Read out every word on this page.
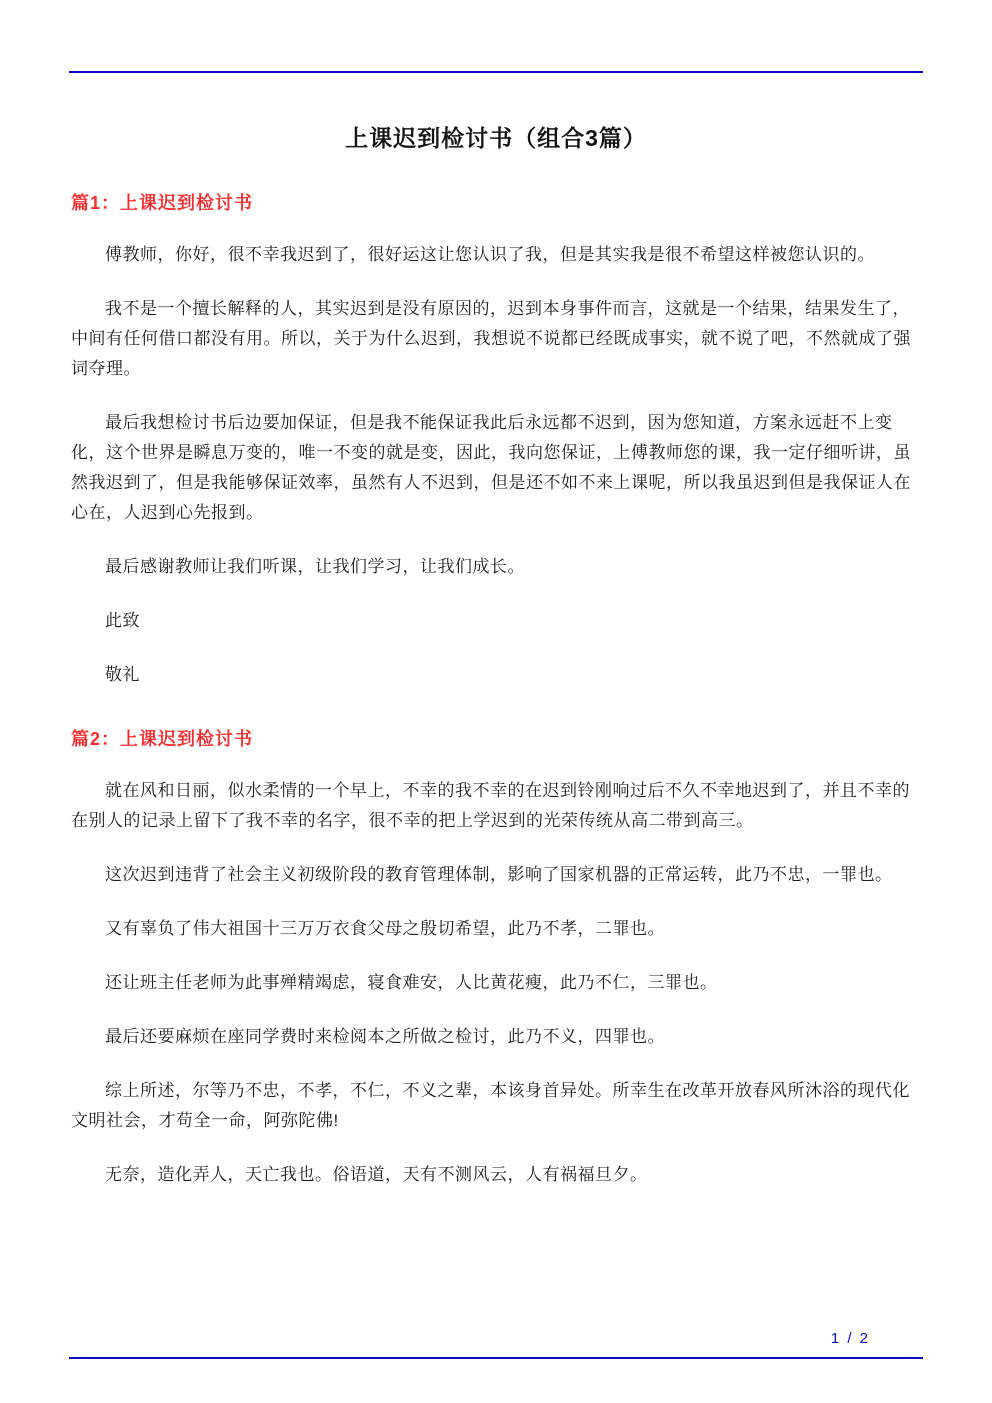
上课迟到检讨书（组合3篇）
篇1：上课迟到检讨书

傅教师，你好，很不幸我迟到了，很好运这让您认识了我，但是其实我是很不希望这样被您认识的。

我不是一个擅长解释的人，其实迟到是没有原因的，迟到本身事件而言，这就是一个结果，结果发生了，中间有任何借口都没有用。所以，关于为什么迟到，我想说不说都已经既成事实，就不说了吧，不然就成了强词夺理。

最后我想检讨书后边要加保证，但是我不能保证我此后永远都不迟到，因为您知道，方案永远赶不上变化，这个世界是瞬息万变的，唯一不变的就是变，因此，我向您保证，上傅教师您的课，我一定仔细听讲，虽然我迟到了，但是我能够保证效率，虽然有人不迟到，但是还不如不来上课呢，所以我虽迟到但是我保证人在心在，人迟到心先报到。

最后感谢教师让我们听课，让我们学习，让我们成长。

此致

敬礼

篇2：上课迟到检讨书

就在风和日丽，似水柔情的一个早上，不幸的我不幸的在迟到铃刚响过后不久不幸地迟到了，并且不幸的在别人的记录上留下了我不幸的名字，很不幸的把上学迟到的光荣传统从高二带到高三。

这次迟到违背了社会主义初级阶段的教育管理体制，影响了国家机器的正常运转，此乃不忠，一罪也。

又有辜负了伟大祖国十三万万衣食父母之殷切希望，此乃不孝，二罪也。

还让班主任老师为此事殚精竭虑，寝食难安，人比黄花瘦，此乃不仁，三罪也。

最后还要麻烦在座同学费时来检阅本之所做之检讨，此乃不义，四罪也。

综上所述，尔等乃不忠，不孝，不仁，不义之辈，本该身首异处。所幸生在改革开放春风所沐浴的现代化文明社会，才苟全一命，阿弥陀佛!

无奈，造化弄人，天亡我也。俗语道，天有不测风云，人有祸福旦夕。

1 / 2
